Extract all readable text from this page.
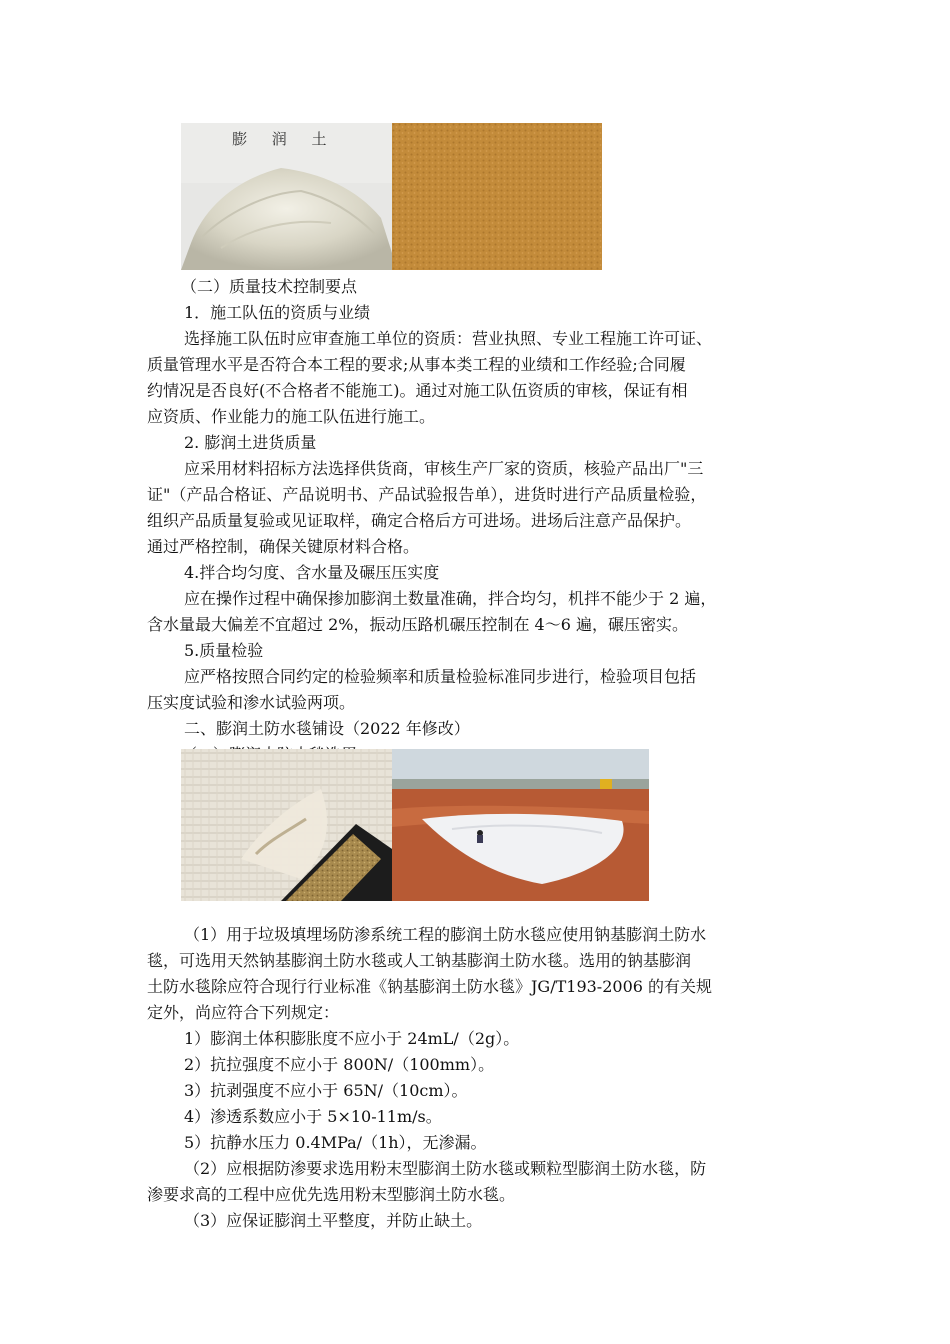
膨 润 土
（二）质量技术控制要点
1．施工队伍的资质与业绩
选择施工队伍时应审查施工单位的资质：营业执照、专业工程施工许可证、
质量管理水平是否符合本工程的要求;从事本类工程的业绩和工作经验;合同履
约情况是否良好(不合格者不能施工)。通过对施工队伍资质的审核，保证有相
应资质、作业能力的施工队伍进行施工。
2. 膨润土进货质量
应采用材料招标方法选择供货商，审核生产厂家的资质，核验产品出厂"三
证"（产品合格证、产品说明书、产品试验报告单），进货时进行产品质量检验，
组织产品质量复验或见证取样，确定合格后方可进场。进场后注意产品保护。
通过严格控制，确保关键原材料合格。
4.拌合均匀度、含水量及碾压压实度
应在操作过程中确保掺加膨润土数量准确，拌合均匀，机拌不能少于 2 遍，
含水量最大偏差不宜超过 2%，振动压路机碾压控制在 4～6 遍，碾压密实。
5.质量检验
应严格按照合同约定的检验频率和质量检验标准同步进行，检验项目包括
压实度试验和渗水试验两项。
二、膨润土防水毯铺设（2022 年修改）
（1）用于垃圾填埋场防渗系统工程的膨润土防水毯应使用钠基膨润土防水
毯，可选用天然钠基膨润土防水毯或人工钠基膨润土防水毯。选用的钠基膨润
土防水毯除应符合现行行业标准《钠基膨润土防水毯》JG/T193-2006 的有关规
定外，尚应符合下列规定：
1）膨润土体积膨胀度不应小于 24mL/（2g）。
2）抗拉强度不应小于 800N/（100mm）。
3）抗剥强度不应小于 65N/（10cm）。
4）渗透系数应小于 5×10-11m/s。
5）抗静水压力 0.4MPa/（1h），无渗漏。
（2）应根据防渗要求选用粉末型膨润土防水毯或颗粒型膨润土防水毯，防
渗要求高的工程中应优先选用粉末型膨润土防水毯。
（3）应保证膨润土平整度，并防止缺土。
